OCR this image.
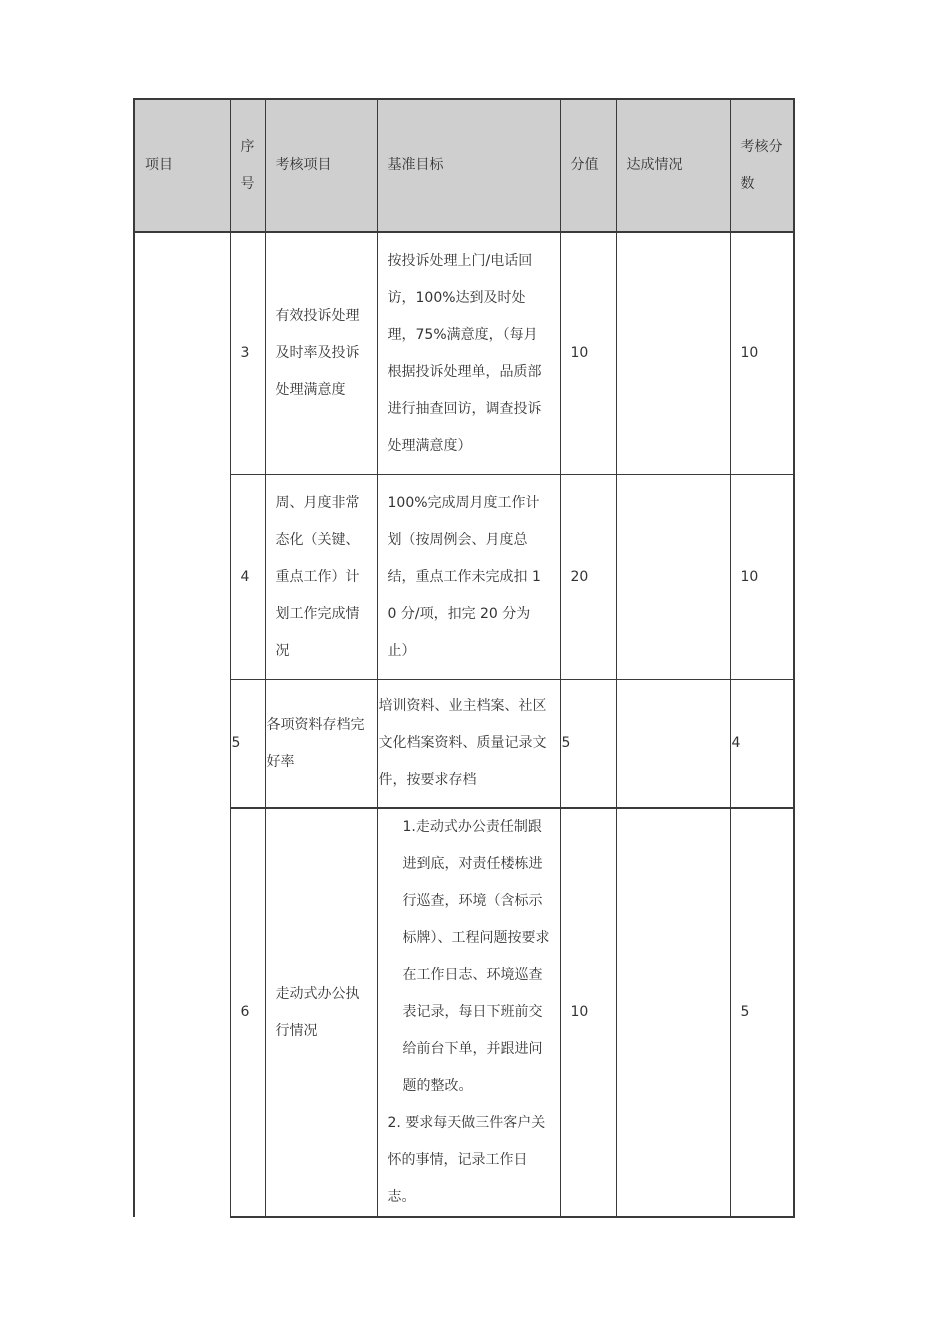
项目	序号	考核项目	基准目标	分值	达成情况	考核分数
	3	有效投诉处理及时率及投诉处理满意度	按投诉处理上门/电话回访，100%达到及时处理，75%满意度，（每月根据投诉处理单，品质部进行抽查回访，调查投诉处理满意度）	10		10
	4	周、月度非常态化（关键、重点工作）计划工作完成情况	100%完成周月度工作计划（按周例会、月度总结，重点工作未完成扣 10 分/项，扣完 20 分为止）	20		10
	5	各项资料存档完好率	培训资料、业主档案、社区文化档案资料、质量记录文件，按要求存档	5		4
	6	走动式办公执行情况	1.走动式办公责任制跟进到底，对责任楼栋进行巡查，环境（含标示标牌）、工程问题按要求在工作日志、环境巡查表记录，每日下班前交给前台下单，并跟进问题的整改。
2. 要求每天做三件客户关怀的事情，记录工作日志。	10		5
